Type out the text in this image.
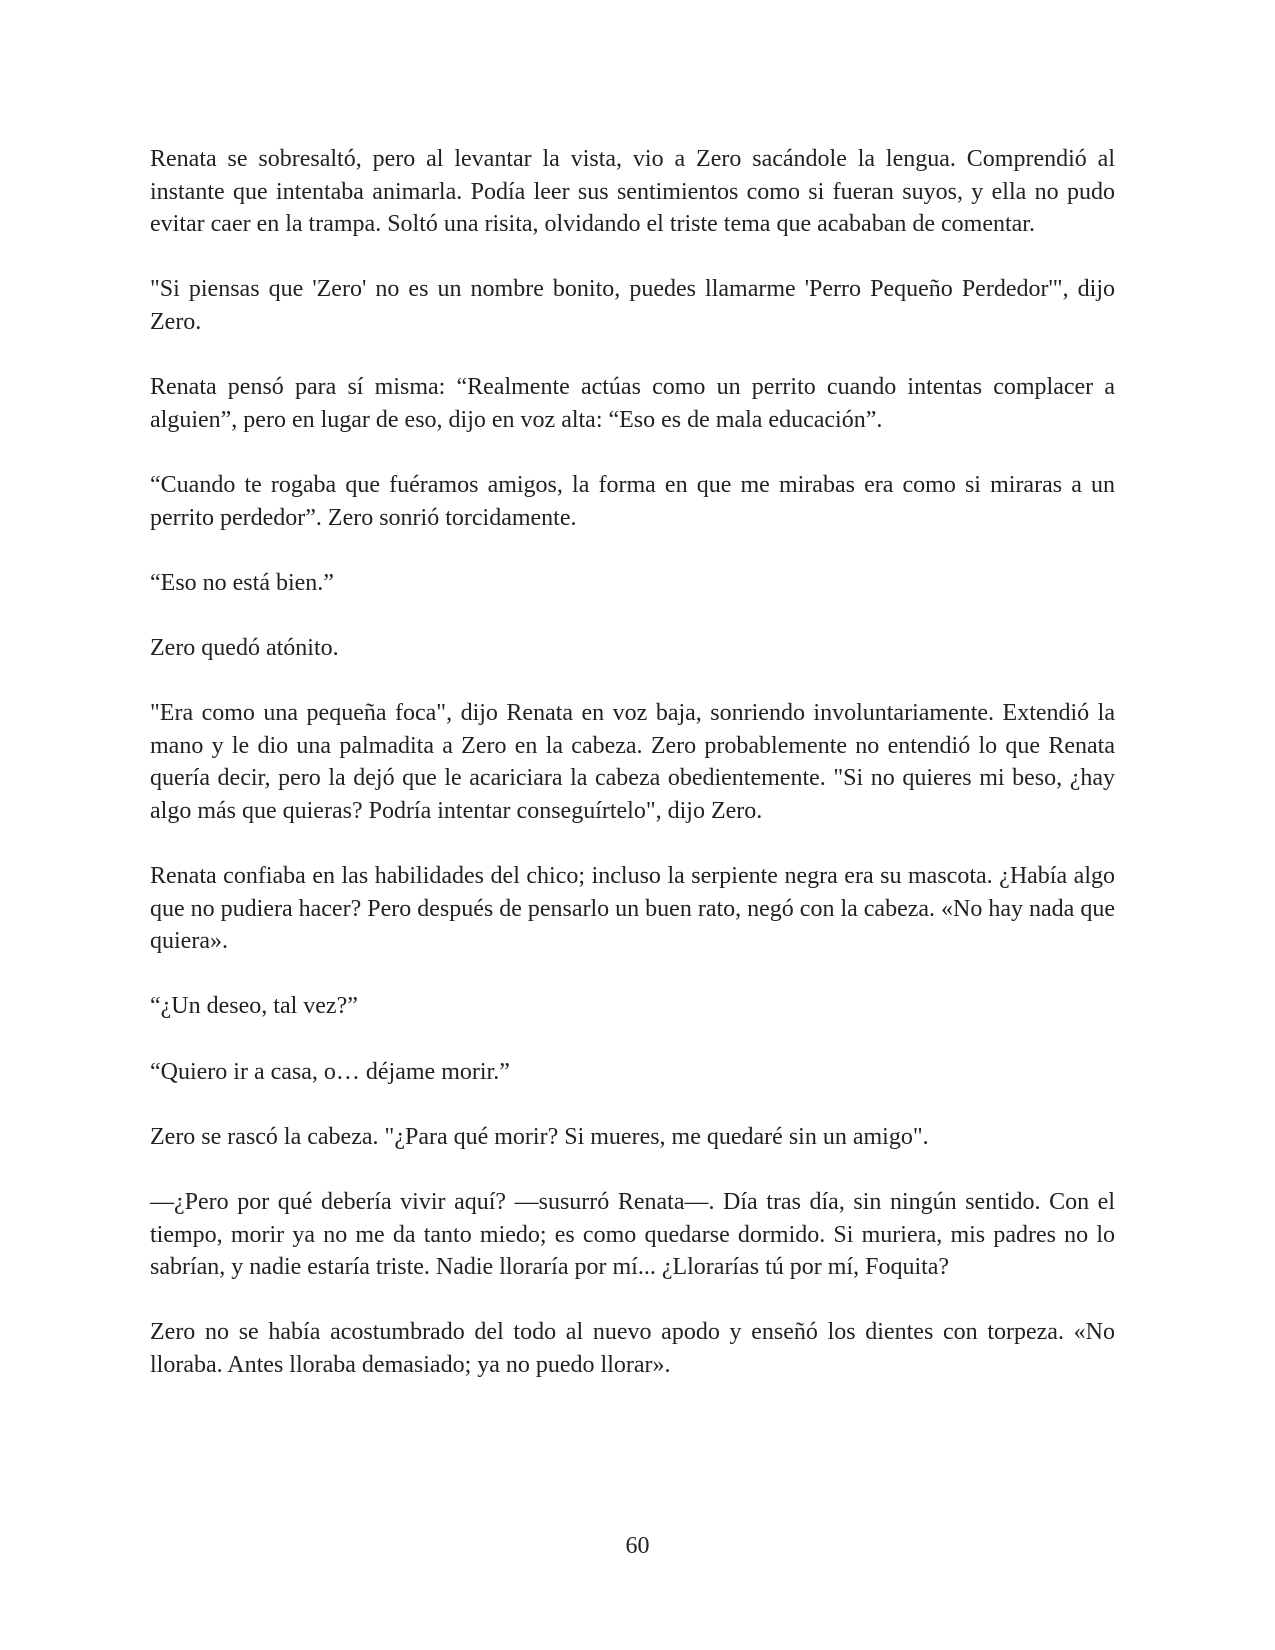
Renata se sobresaltó, pero al levantar la vista, vio a Zero sacándole la lengua. Comprendió al instante que intentaba animarla. Podía leer sus sentimientos como si fueran suyos, y ella no pudo evitar caer en la trampa. Soltó una risita, olvidando el triste tema que acababan de comentar.

"Si piensas que 'Zero' no es un nombre bonito, puedes llamarme 'Perro Pequeño Perdedor'", dijo Zero.

Renata pensó para sí misma: “Realmente actúas como un perrito cuando intentas complacer a alguien”, pero en lugar de eso, dijo en voz alta: “Eso es de mala educación”.

“Cuando te rogaba que fuéramos amigos, la forma en que me mirabas era como si miraras a un perrito perdedor”. Zero sonrió torcidamente.

“Eso no está bien.”

Zero quedó atónito.

"Era como una pequeña foca", dijo Renata en voz baja, sonriendo involuntariamente. Extendió la mano y le dio una palmadita a Zero en la cabeza. Zero probablemente no entendió lo que Renata quería decir, pero la dejó que le acariciara la cabeza obedientemente. "Si no quieres mi beso, ¿hay algo más que quieras? Podría intentar conseguírtelo", dijo Zero.

Renata confiaba en las habilidades del chico; incluso la serpiente negra era su mascota. ¿Había algo que no pudiera hacer? Pero después de pensarlo un buen rato, negó con la cabeza. «No hay nada que quiera».

“¿Un deseo, tal vez?”

“Quiero ir a casa, o… déjame morir.”

Zero se rascó la cabeza. "¿Para qué morir? Si mueres, me quedaré sin un amigo".

—¿Pero por qué debería vivir aquí? —susurró Renata—. Día tras día, sin ningún sentido. Con el tiempo, morir ya no me da tanto miedo; es como quedarse dormido. Si muriera, mis padres no lo sabrían, y nadie estaría triste. Nadie lloraría por mí... ¿Llorarías tú por mí, Foquita?

Zero no se había acostumbrado del todo al nuevo apodo y enseñó los dientes con torpeza. «No lloraba. Antes lloraba demasiado; ya no puedo llorar».

60
